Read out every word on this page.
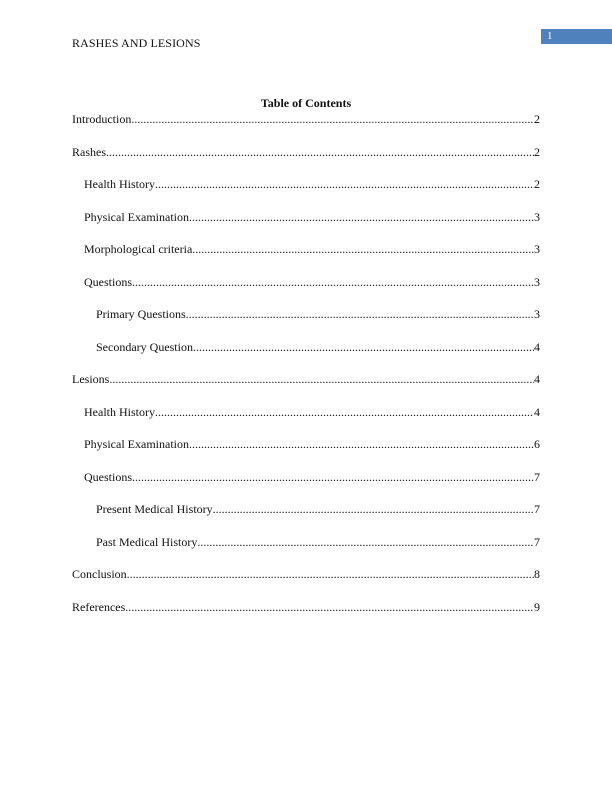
RASHES AND LESIONS	1
Table of Contents
Introduction .....	2
Rashes .....	2
Health History .....	2
Physical Examination .....	3
Morphological criteria .....	3
Questions .....	3
Primary Questions .....	3
Secondary Question .....	4
Lesions .....	4
Health History .....	4
Physical Examination .....	6
Questions .....	7
Present Medical History .....	7
Past Medical History .....	7
Conclusion .....	8
References .....	9
